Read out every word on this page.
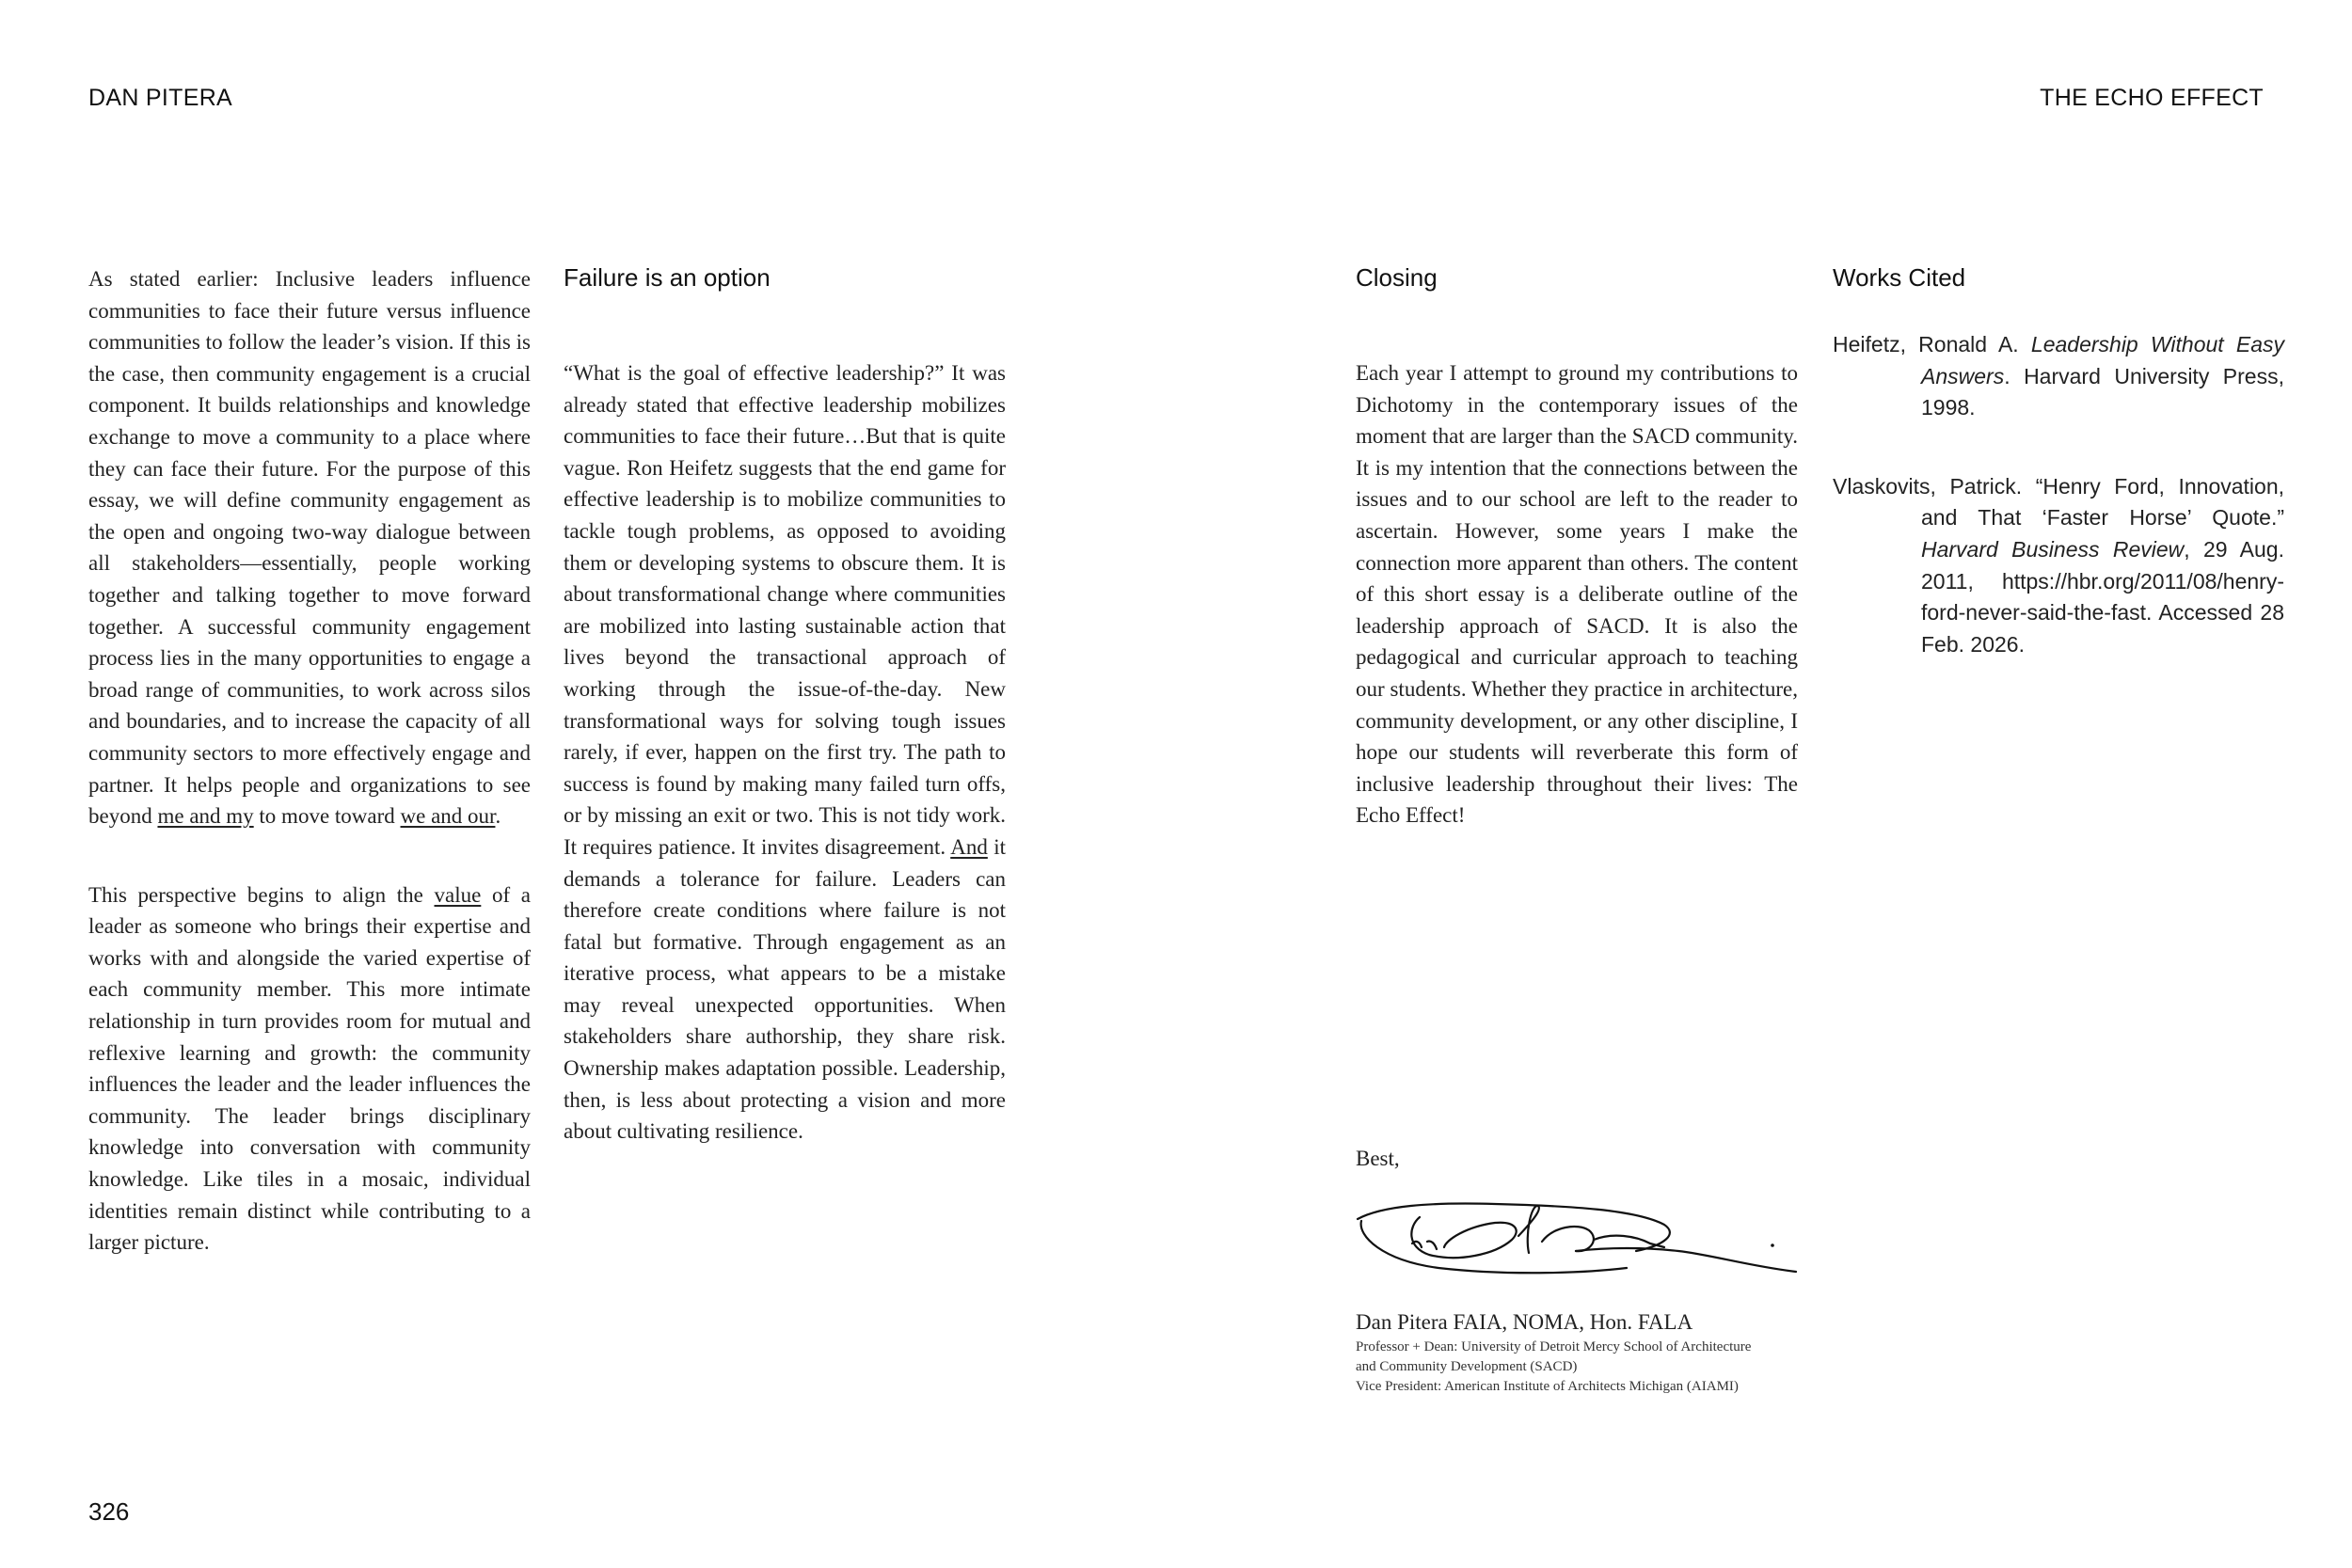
DAN PITERA	THE ECHO EFFECT

As stated earlier: Inclusive leaders influence communities to face their future versus influence communities to follow the leader’s vision. If this is the case, then community engagement is a crucial component. It builds relationships and knowledge exchange to move a community to a place where they can face their future. For the purpose of this essay, we will define community engagement as the open and ongoing two-way dialogue between all stakeholders—essentially, people working together and talking together to move forward together. A successful community engagement process lies in the many opportunities to engage a broad range of communities, to work across silos and boundaries, and to increase the capacity of all community sectors to more effectively engage and partner. It helps people and organizations to see beyond me and my to move toward we and our.

This perspective begins to align the value of a leader as someone who brings their expertise and works with and alongside the varied expertise of each community member. This more intimate relationship in turn provides room for mutual and reflexive learning and growth: the community influences the leader and the leader influences the community. The leader brings disciplinary knowledge into conversation with community knowledge. Like tiles in a mosaic, individual identities remain distinct while contributing to a larger picture.

Failure is an option

“What is the goal of effective leadership?” It was already stated that effective leadership mobilizes communities to face their future…But that is quite vague. Ron Heifetz suggests that the end game for effective leadership is to mobilize communities to tackle tough problems, as opposed to avoiding them or developing systems to obscure them. It is about transformational change where communities are mobilized into lasting sustainable action that lives beyond the transactional approach of working through the issue-of-the-day. New transformational ways for solving tough issues rarely, if ever, happen on the first try. The path to success is found by making many failed turn offs, or by missing an exit or two. This is not tidy work. It requires patience. It invites disagreement. And it demands a tolerance for failure. Leaders can therefore create conditions where failure is not fatal but formative. Through engagement as an iterative process, what appears to be a mistake may reveal unexpected opportunities. When stakeholders share authorship, they share risk. Ownership makes adaptation possible. Leadership, then, is less about protecting a vision and more about cultivating resilience.

Closing

Each year I attempt to ground my contributions to Dichotomy in the contemporary issues of the moment that are larger than the SACD community. It is my intention that the connections between the issues and to our school are left to the reader to ascertain. However, some years I make the connection more apparent than others. The content of this short essay is a deliberate outline of the leadership approach of SACD. It is also the pedagogical and curricular approach to teaching our students. Whether they practice in architecture, community development, or any other discipline, I hope our students will reverberate this form of inclusive leadership throughout their lives: The Echo Effect!

Best,

Dan Pitera FAIA, NOMA, Hon. FALA

Professor + Dean: University of Detroit Mercy School of Architecture

and Community Development (SACD)

Vice President: American Institute of Architects Michigan (AIAMI)

Works Cited

Heifetz, Ronald A. Leadership Without Easy Answers. Harvard University Press, 1998.

Vlaskovits, Patrick. “Henry Ford, Innovation, and That ‘Faster Horse’ Quote.” Harvard Business Review, 29 Aug. 2011, https://hbr.org/2011/08/henry-ford-never-said-the-fast. Accessed 28 Feb. 2026.

326
